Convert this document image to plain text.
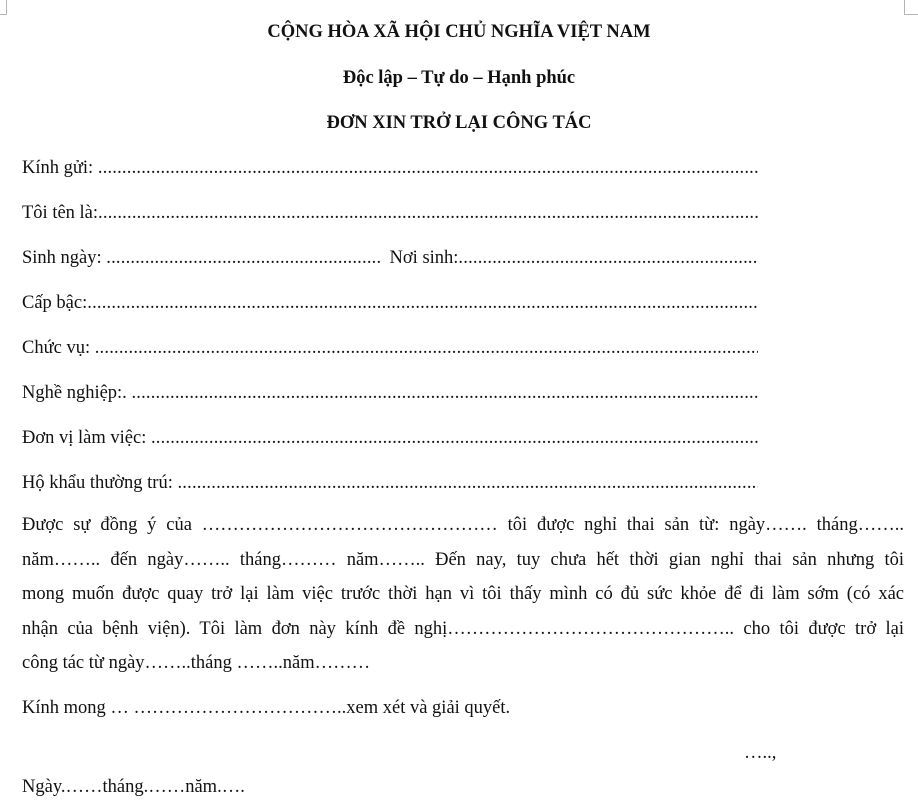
CỘNG HÒA XÃ HỘI CHỦ NGHĨA VIỆT NAM
Độc lập – Tự do – Hạnh phúc
ĐƠN XIN TRỞ LẠI CÔNG TÁC
Kính gửi:

.....
Tôi tên là:
.....
Sinh ngày:

.....
	Nơi sinh:
.....
Cấp bậc:
.....
Chức vụ:

.....
Nghề nghiệp:.

.....
Đơn vị làm việc:

.....
Hộ khẩu thường trú:

.....
Được sự đồng ý của ………………………………………… tôi được nghỉ thai sản từ: ngày……. tháng……..
năm…….. đến ngày…….. tháng……… năm…….. Đến nay, tuy chưa hết thời gian nghỉ thai sản nhưng tôi
mong muốn được quay trở lại làm việc trước thời hạn vì tôi thấy mình có đủ sức khỏe để đi làm sớm (có xác
nhận của bệnh viện). Tôi làm đơn này kính đề nghị……………………………………….. cho tôi được trở lại
công tác từ ngày……..tháng ……..năm………
Kính mong … ……………………………..xem xét và giải quyết.
…..,
Ngày.……tháng.……năm.….
